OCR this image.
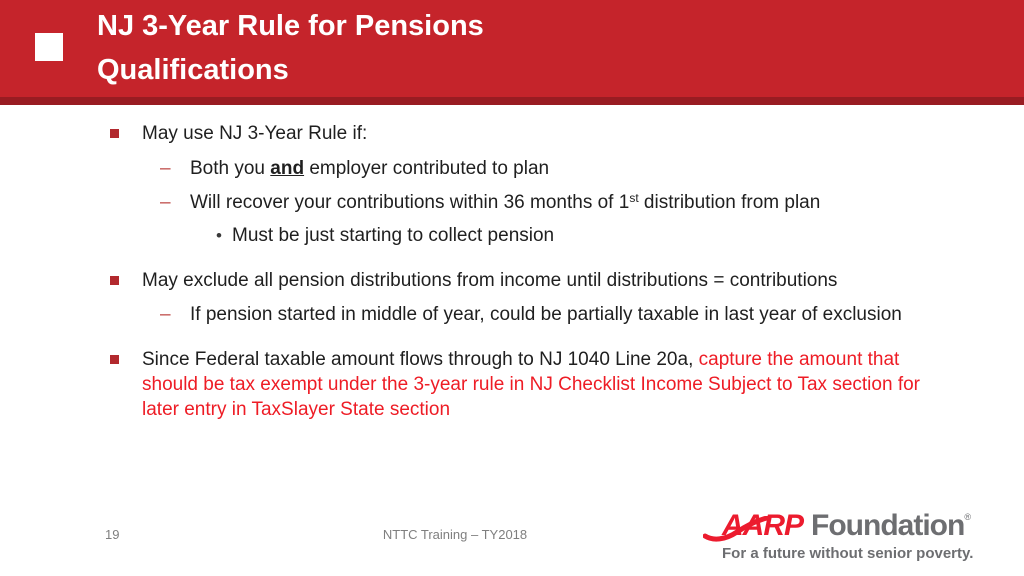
NJ 3-Year Rule for Pensions
Qualifications
May use NJ 3-Year Rule if:
–	Both you and employer contributed to plan
–	Will recover your contributions within 36 months of 1st distribution from plan
• Must be just starting to collect pension
May exclude all pension distributions from income until distributions = contributions
–	If pension started in middle of year, could be partially taxable in last year of exclusion
Since Federal taxable amount flows through to NJ 1040 Line 20a, capture the amount that should be tax exempt under the 3-year rule in NJ Checklist Income Subject to Tax section for later entry in TaxSlayer State section
19	NTTC Training – TY2018	AARP Foundation ®
For a future without senior poverty.
